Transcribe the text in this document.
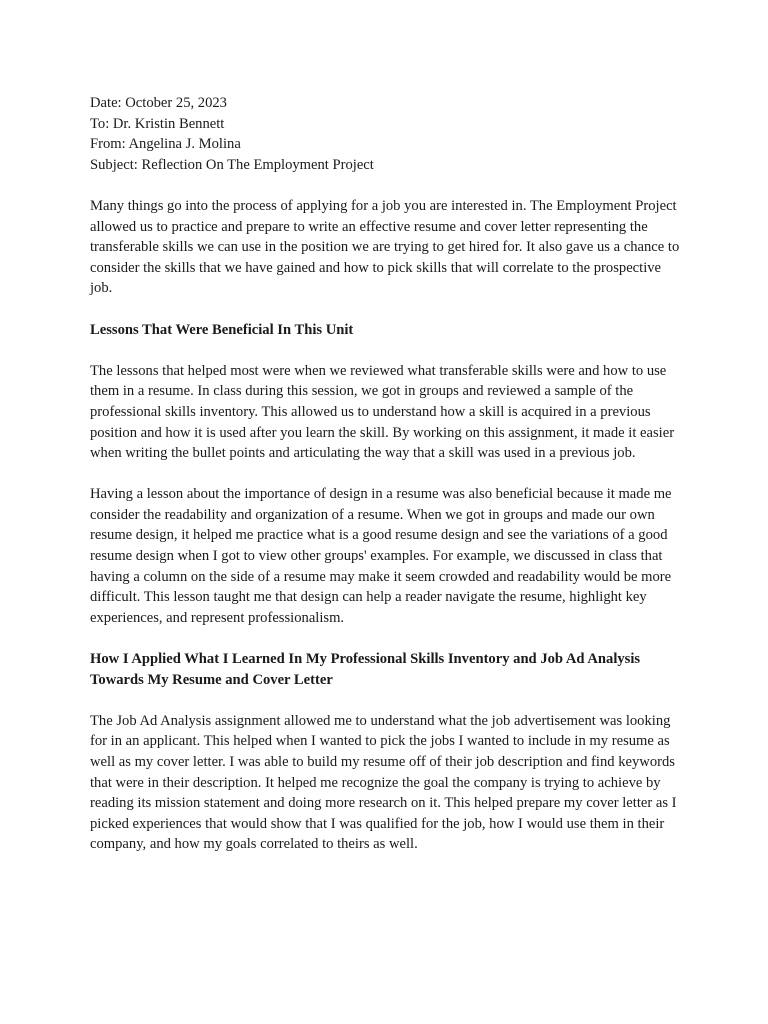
Date: October 25, 2023

To: Dr. Kristin Bennett

From: Angelina J. Molina

Subject: Reflection On The Employment Project

Many things go into the process of applying for a job you are interested in. The Employment Project allowed us to practice and prepare to write an effective resume and cover letter representing the transferable skills we can use in the position we are trying to get hired for. It also gave us a chance to consider the skills that we have gained and how to pick skills that will correlate to the prospective job.

Lessons That Were Beneficial In This Unit

The lessons that helped most were when we reviewed what transferable skills were and how to use them in a resume. In class during this session, we got in groups and reviewed a sample of the professional skills inventory. This allowed us to understand how a skill is acquired in a previous position and how it is used after you learn the skill. By working on this assignment, it made it easier when writing the bullet points and articulating the way that a skill was used in a previous job.

Having a lesson about the importance of design in a resume was also beneficial because it made me consider the readability and organization of a resume. When we got in groups and made our own resume design, it helped me practice what is a good resume design and see the variations of a good resume design when I got to view other groups' examples. For example, we discussed in class that having a column on the side of a resume may make it seem crowded and readability would be more difficult. This lesson taught me that design can help a reader navigate the resume, highlight key experiences, and represent professionalism.

How I Applied What I Learned In My Professional Skills Inventory and Job Ad Analysis Towards My Resume and Cover Letter

The Job Ad Analysis assignment allowed me to understand what the job advertisement was looking for in an applicant. This helped when I wanted to pick the jobs I wanted to include in my resume as well as my cover letter. I was able to build my resume off of their job description and find keywords that were in their description. It helped me recognize the goal the company is trying to achieve by reading its mission statement and doing more research on it. This helped prepare my cover letter as I picked experiences that would show that I was qualified for the job, how I would use them in their company, and how my goals correlated to theirs as well.
